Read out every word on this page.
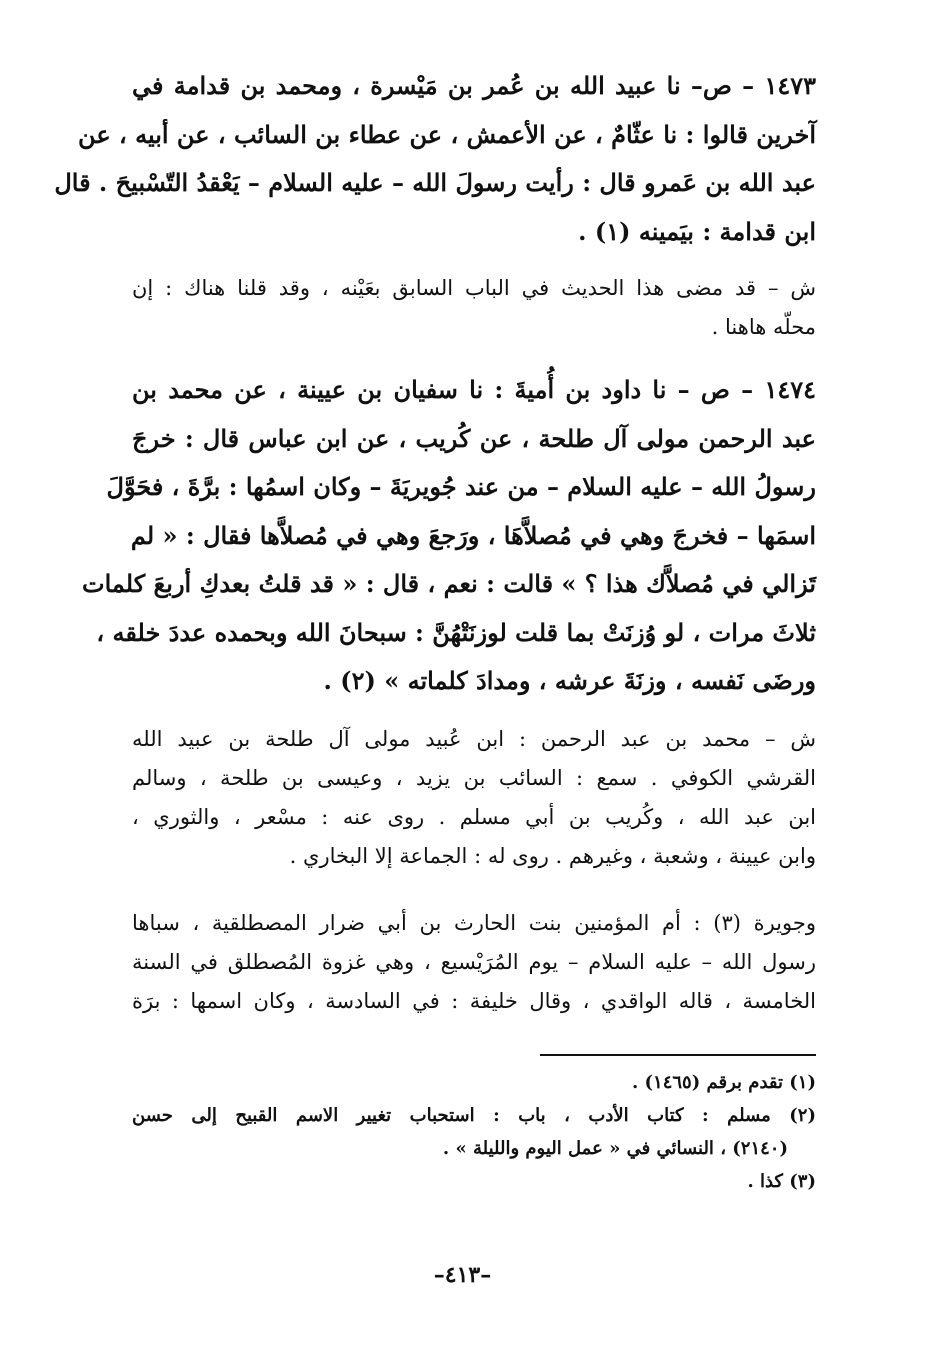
١٤٧٣ – ص– نا عبيد الله بن عُمر بن مَيْسرة ، ومحمد بن قدامة في
آخرين قالوا : نا عثّامٌ ، عن الأعمش ، عن عطاء بن السائب ، عن أبيه ، عن
عبد الله بن عَمرو قال : رأيت رسولَ الله – عليه السلام – يَعْقدُ التّسْبيحَ . قال
ابن قدامة : بيَمينه (١) .
ش – قد مضى هذا الحديث في الباب السابق بعَيْنه ، وقد قلنا هناك : إن
محلّه هاهنا .
١٤٧٤ – ص – نا داود بن أُميةَ : نا سفيان بن عيينة ، عن محمد بن
عبد الرحمن مولى آل طلحة ، عن كُريب ، عن ابن عباس قال : خرجَ
رسولُ الله – عليه السلام – من عند جُويريَةَ – وكان اسمُها : برَّةَ ، فحَوَّلَ
اسمَها – فخرجَ وهي في مُصلاَّهَا ، ورَجعَ وهي في مُصلاَّها فقال : « لم
تَزالي في مُصلاَّك هذا ؟ » قالت : نعم ، قال : « قد قلتُ بعدكِ أربعَ كلمات
ثلاثَ مرات ، لو وُزنَتْ بما قلت لوزنَتْهُنَّ : سبحانَ الله وبحمده عددَ خلقه ،
ورضَى نَفسه ، وزنَةَ عرشه ، ومدادَ كلماته » (٢) .
ش – محمد بن عبد الرحمن : ابن عُبيد مولى آل طلحة بن عبيد الله
القرشي الكوفي . سمع : السائب بن يزيد ، وعيسى بن طلحة ، وسالم
ابن عبد الله ، وكُريب بن أبي مسلم . روى عنه : مسْعر ، والثوري ،
وابن عيينة ، وشعبة ، وغيرهم . روى له : الجماعة إلا البخاري .
وجويرة (٣) : أم المؤمنين بنت الحارث بن أبي ضرار المصطلقية ، سباها
رسول الله – عليه السلام – يوم المُرَيْسيع ، وهي غزوة المُصطلق في السنة
الخامسة ، قاله الواقدي ، وقال خليفة : في السادسة ، وكان اسمها : برَة
(١) تقدم برقم (١٤٦٥) .
(٢) مسلم : كتاب الأدب ، باب : استحباب تغيير الاسم القبيح إلى حسن
(٢١٤٠) ، النسائي في « عمل اليوم والليلة » .
(٣) كذا .
–٤١٣–
